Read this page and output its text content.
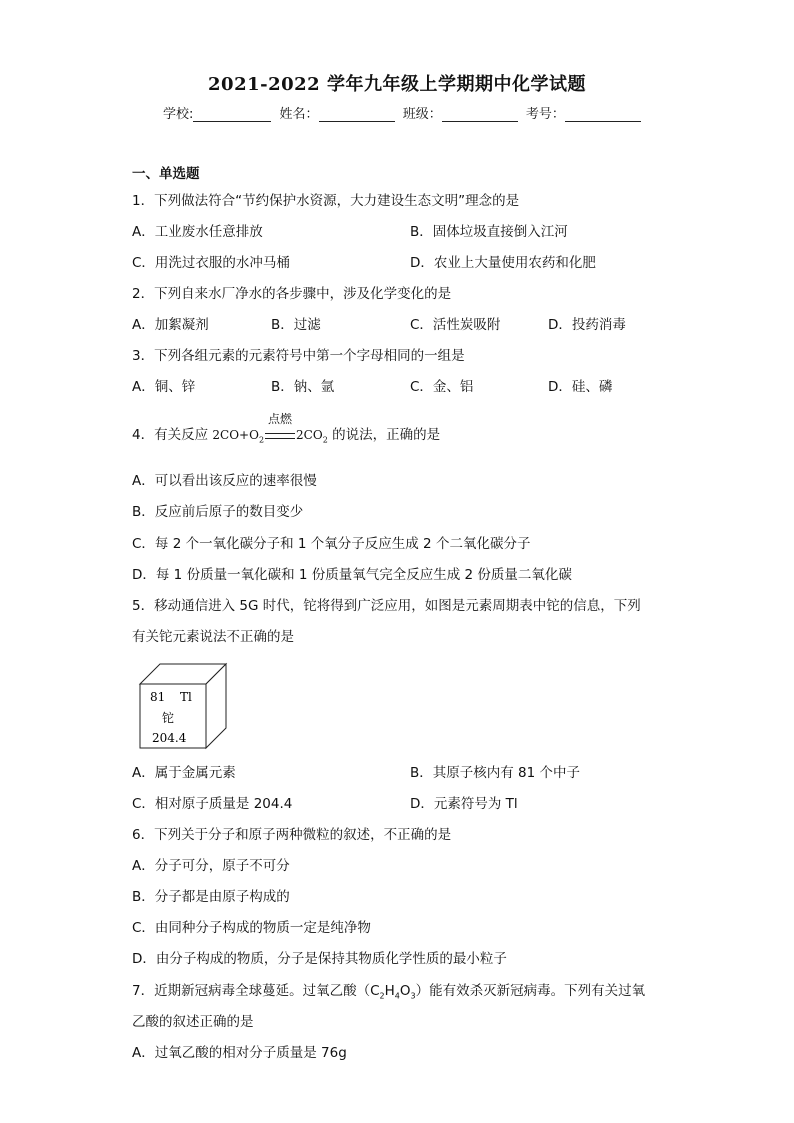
2021-2022 学年九年级上学期期中化学试题
学校:	姓名：	班级：	考号：
一、单选题
1．下列做法符合“节约保护水资源，大力建设生态文明”理念的是
A．工业废水任意排放	B．固体垃圾直接倒入江河
C．用洗过衣服的水冲马桶	D．农业上大量使用农药和化肥
2．下列自来水厂净水的各步骤中，涉及化学变化的是
A．加絮凝剂	B．过滤	C．活性炭吸附	D．投药消毒
3．下列各组元素的元素符号中第一个字母相同的一组是
A．铜、锌	B．钠、氩	C．金、铝	D．硅、磷
4．有关反应 $2CO+O_2$
点燃
$2CO_2$ 的说法，正确的是
A．可以看出该反应的速率很慢
B．反应前后原子的数目变少
C．每 2 个一氧化碳分子和 1 个氧分子反应生成 2 个二氧化碳分子
D．每 1 份质量一氧化碳和 1 份质量氧气完全反应生成 2 份质量二氧化碳
5．移动通信进入 5G 时代，铊将得到广泛应用，如图是元素周期表中铊的信息，下列
有关铊元素说法不正确的是
81 Tl
铊
204.4
A．属于金属元素	B．其原子核内有 81 个中子
C．相对原子质量是 204.4	D．元素符号为 Tl
6．下列关于分子和原子两种微粒的叙述，不正确的是
A．分子可分，原子不可分
B．分子都是由原子构成的
C．由同种分子构成的物质一定是纯净物
D．由分子构成的物质，分子是保持其物质化学性质的最小粒子
7．近期新冠病毒全球蔓延。过氧乙酸$(C_2H_4O_3)$能有效杀灭新冠病毒。下列有关过氧
乙酸的叙述正确的是
A．过氧乙酸的相对分子质量是 76g
